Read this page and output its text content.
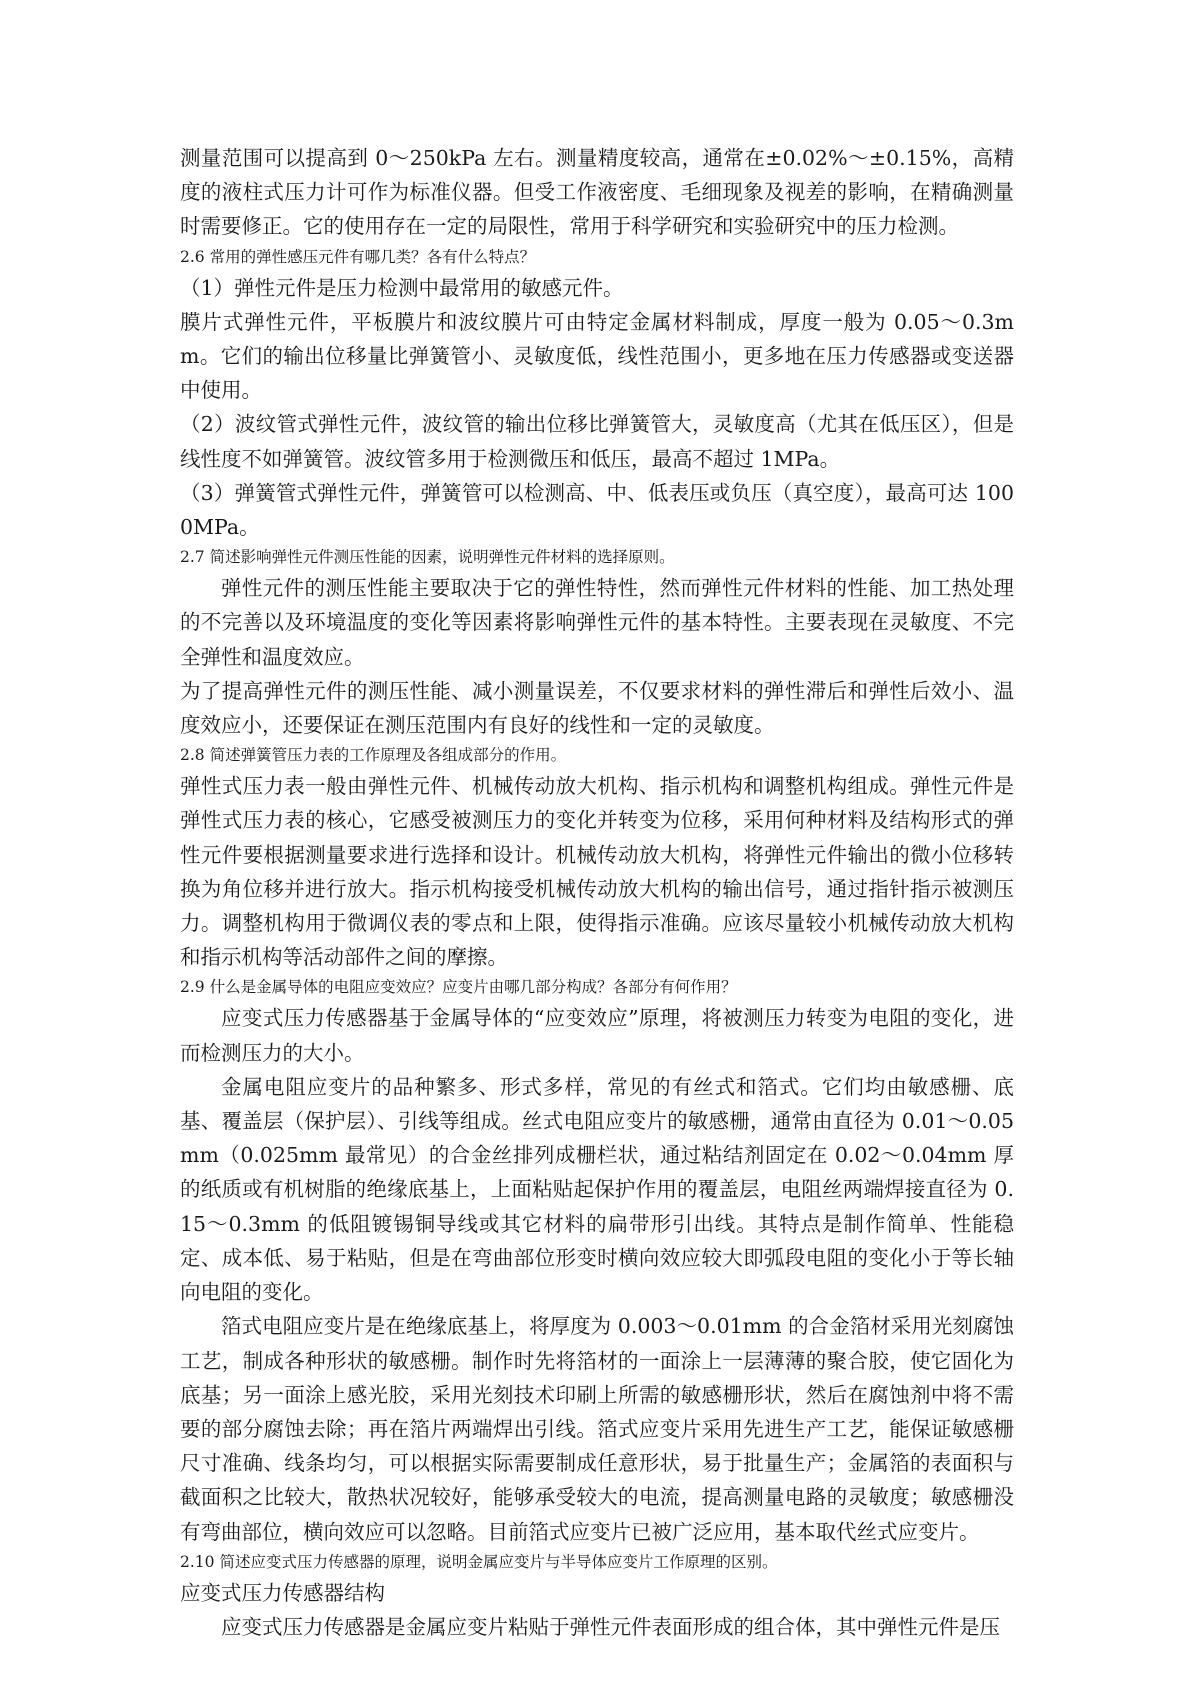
测量范围可以提高到 0～250kPa 左右。测量精度较高，通常在±0.02%～±0.15%，高精度的液柱式压力计可作为标准仪器。但受工作液密度、毛细现象及视差的影响，在精确测量时需要修正。它的使用存在一定的局限性，常用于科学研究和实验研究中的压力检测。

2.6 常用的弹性感压元件有哪几类？各有什么特点？

（1）弹性元件是压力检测中最常用的敏感元件。

膜片式弹性元件，平板膜片和波纹膜片可由特定金属材料制成，厚度一般为 0.05～0.3mm。它们的输出位移量比弹簧管小、灵敏度低，线性范围小，更多地在压力传感器或变送器中使用。

（2）波纹管式弹性元件，波纹管的输出位移比弹簧管大，灵敏度高（尤其在低压区），但是线性度不如弹簧管。波纹管多用于检测微压和低压，最高不超过 1MPa。

（3）弹簧管式弹性元件，弹簧管可以检测高、中、低表压或负压（真空度），最高可达 1000MPa。

2.7 简述影响弹性元件测压性能的因素，说明弹性元件材料的选择原则。

弹性元件的测压性能主要取决于它的弹性特性，然而弹性元件材料的性能、加工热处理的不完善以及环境温度的变化等因素将影响弹性元件的基本特性。主要表现在灵敏度、不完全弹性和温度效应。

为了提高弹性元件的测压性能、减小测量误差，不仅要求材料的弹性滞后和弹性后效小、温度效应小，还要保证在测压范围内有良好的线性和一定的灵敏度。

2.8 简述弹簧管压力表的工作原理及各组成部分的作用。

弹性式压力表一般由弹性元件、机械传动放大机构、指示机构和调整机构组成。弹性元件是弹性式压力表的核心，它感受被测压力的变化并转变为位移，采用何种材料及结构形式的弹性元件要根据测量要求进行选择和设计。机械传动放大机构，将弹性元件输出的微小位移转换为角位移并进行放大。指示机构接受机械传动放大机构的输出信号，通过指针指示被测压力。调整机构用于微调仪表的零点和上限，使得指示准确。应该尽量较小机械传动放大机构和指示机构等活动部件之间的摩擦。

2.9 什么是金属导体的电阻应变效应？应变片由哪几部分构成？各部分有何作用？

应变式压力传感器基于金属导体的“应变效应”原理，将被测压力转变为电阻的变化，进而检测压力的大小。

金属电阻应变片的品种繁多、形式多样，常见的有丝式和箔式。它们均由敏感栅、底基、覆盖层（保护层）、引线等组成。丝式电阻应变片的敏感栅，通常由直径为 0.01～0.05mm（0.025mm 最常见）的合金丝排列成栅栏状，通过粘结剂固定在 0.02～0.04mm 厚的纸质或有机树脂的绝缘底基上，上面粘贴起保护作用的覆盖层，电阻丝两端焊接直径为 0.15～0.3mm 的低阻镀锡铜导线或其它材料的扁带形引出线。其特点是制作简单、性能稳定、成本低、易于粘贴，但是在弯曲部位形变时横向效应较大即弧段电阻的变化小于等长轴向电阻的变化。

箔式电阻应变片是在绝缘底基上，将厚度为 0.003～0.01mm 的合金箔材采用光刻腐蚀工艺，制成各种形状的敏感栅。制作时先将箔材的一面涂上一层薄薄的聚合胶，使它固化为底基；另一面涂上感光胶，采用光刻技术印刷上所需的敏感栅形状，然后在腐蚀剂中将不需要的部分腐蚀去除；再在箔片两端焊出引线。箔式应变片采用先进生产工艺，能保证敏感栅尺寸准确、线条均匀，可以根据实际需要制成任意形状，易于批量生产；金属箔的表面积与截面积之比较大，散热状况较好，能够承受较大的电流，提高测量电路的灵敏度；敏感栅没有弯曲部位，横向效应可以忽略。目前箔式应变片已被广泛应用，基本取代丝式应变片。

2.10 简述应变式压力传感器的原理，说明金属应变片与半导体应变片工作原理的区别。

应变式压力传感器结构

应变式压力传感器是金属应变片粘贴于弹性元件表面形成的组合体，其中弹性元件是压
